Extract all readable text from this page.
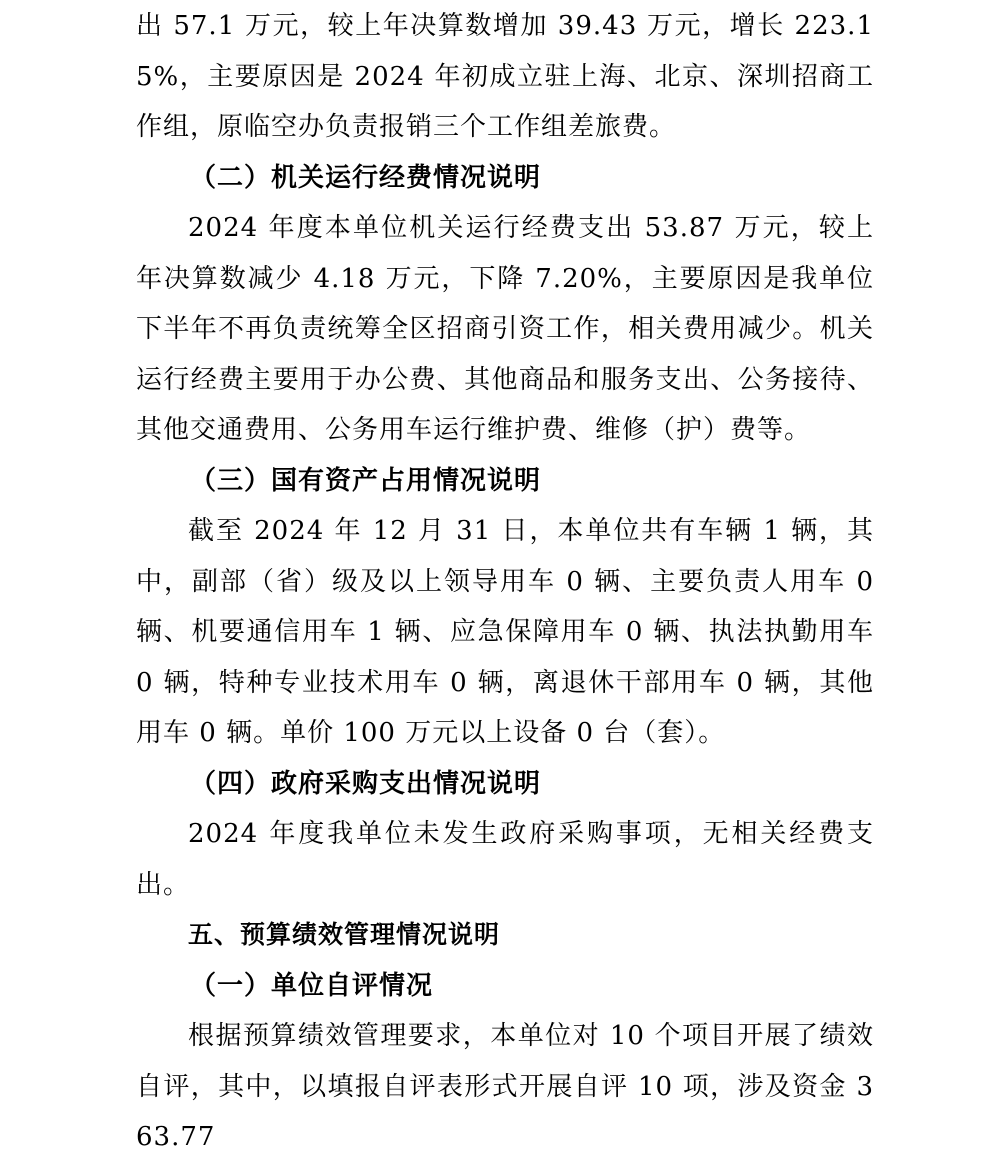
出 57.1 万元，较上年决算数增加 39.43 万元，增长 223.15%，主要原因是 2024 年初成立驻上海、北京、深圳招商工作组，原临空办负责报销三个工作组差旅费。

（二）机关运行经费情况说明

2024 年度本单位机关运行经费支出 53.87 万元，较上年决算数减少 4.18 万元，下降 7.20%，主要原因是我单位下半年不再负责统筹全区招商引资工作，相关费用减少。机关运行经费主要用于办公费、其他商品和服务支出、公务接待、其他交通费用、公务用车运行维护费、维修（护）费等。

（三）国有资产占用情况说明

截至 2024 年 12 月 31 日，本单位共有车辆 1 辆，其中，副部（省）级及以上领导用车 0 辆、主要负责人用车 0 辆、机要通信用车 1 辆、应急保障用车 0 辆、执法执勤用车 0 辆，特种专业技术用车 0 辆，离退休干部用车 0 辆，其他用车 0 辆。单价 100 万元以上设备 0 台（套）。

（四）政府采购支出情况说明

2024 年度我单位未发生政府采购事项，无相关经费支出。

五、预算绩效管理情况说明

（一）单位自评情况

根据预算绩效管理要求，本单位对 10 个项目开展了绩效自评，其中，以填报自评表形式开展自评 10 项，涉及资金 363.77
